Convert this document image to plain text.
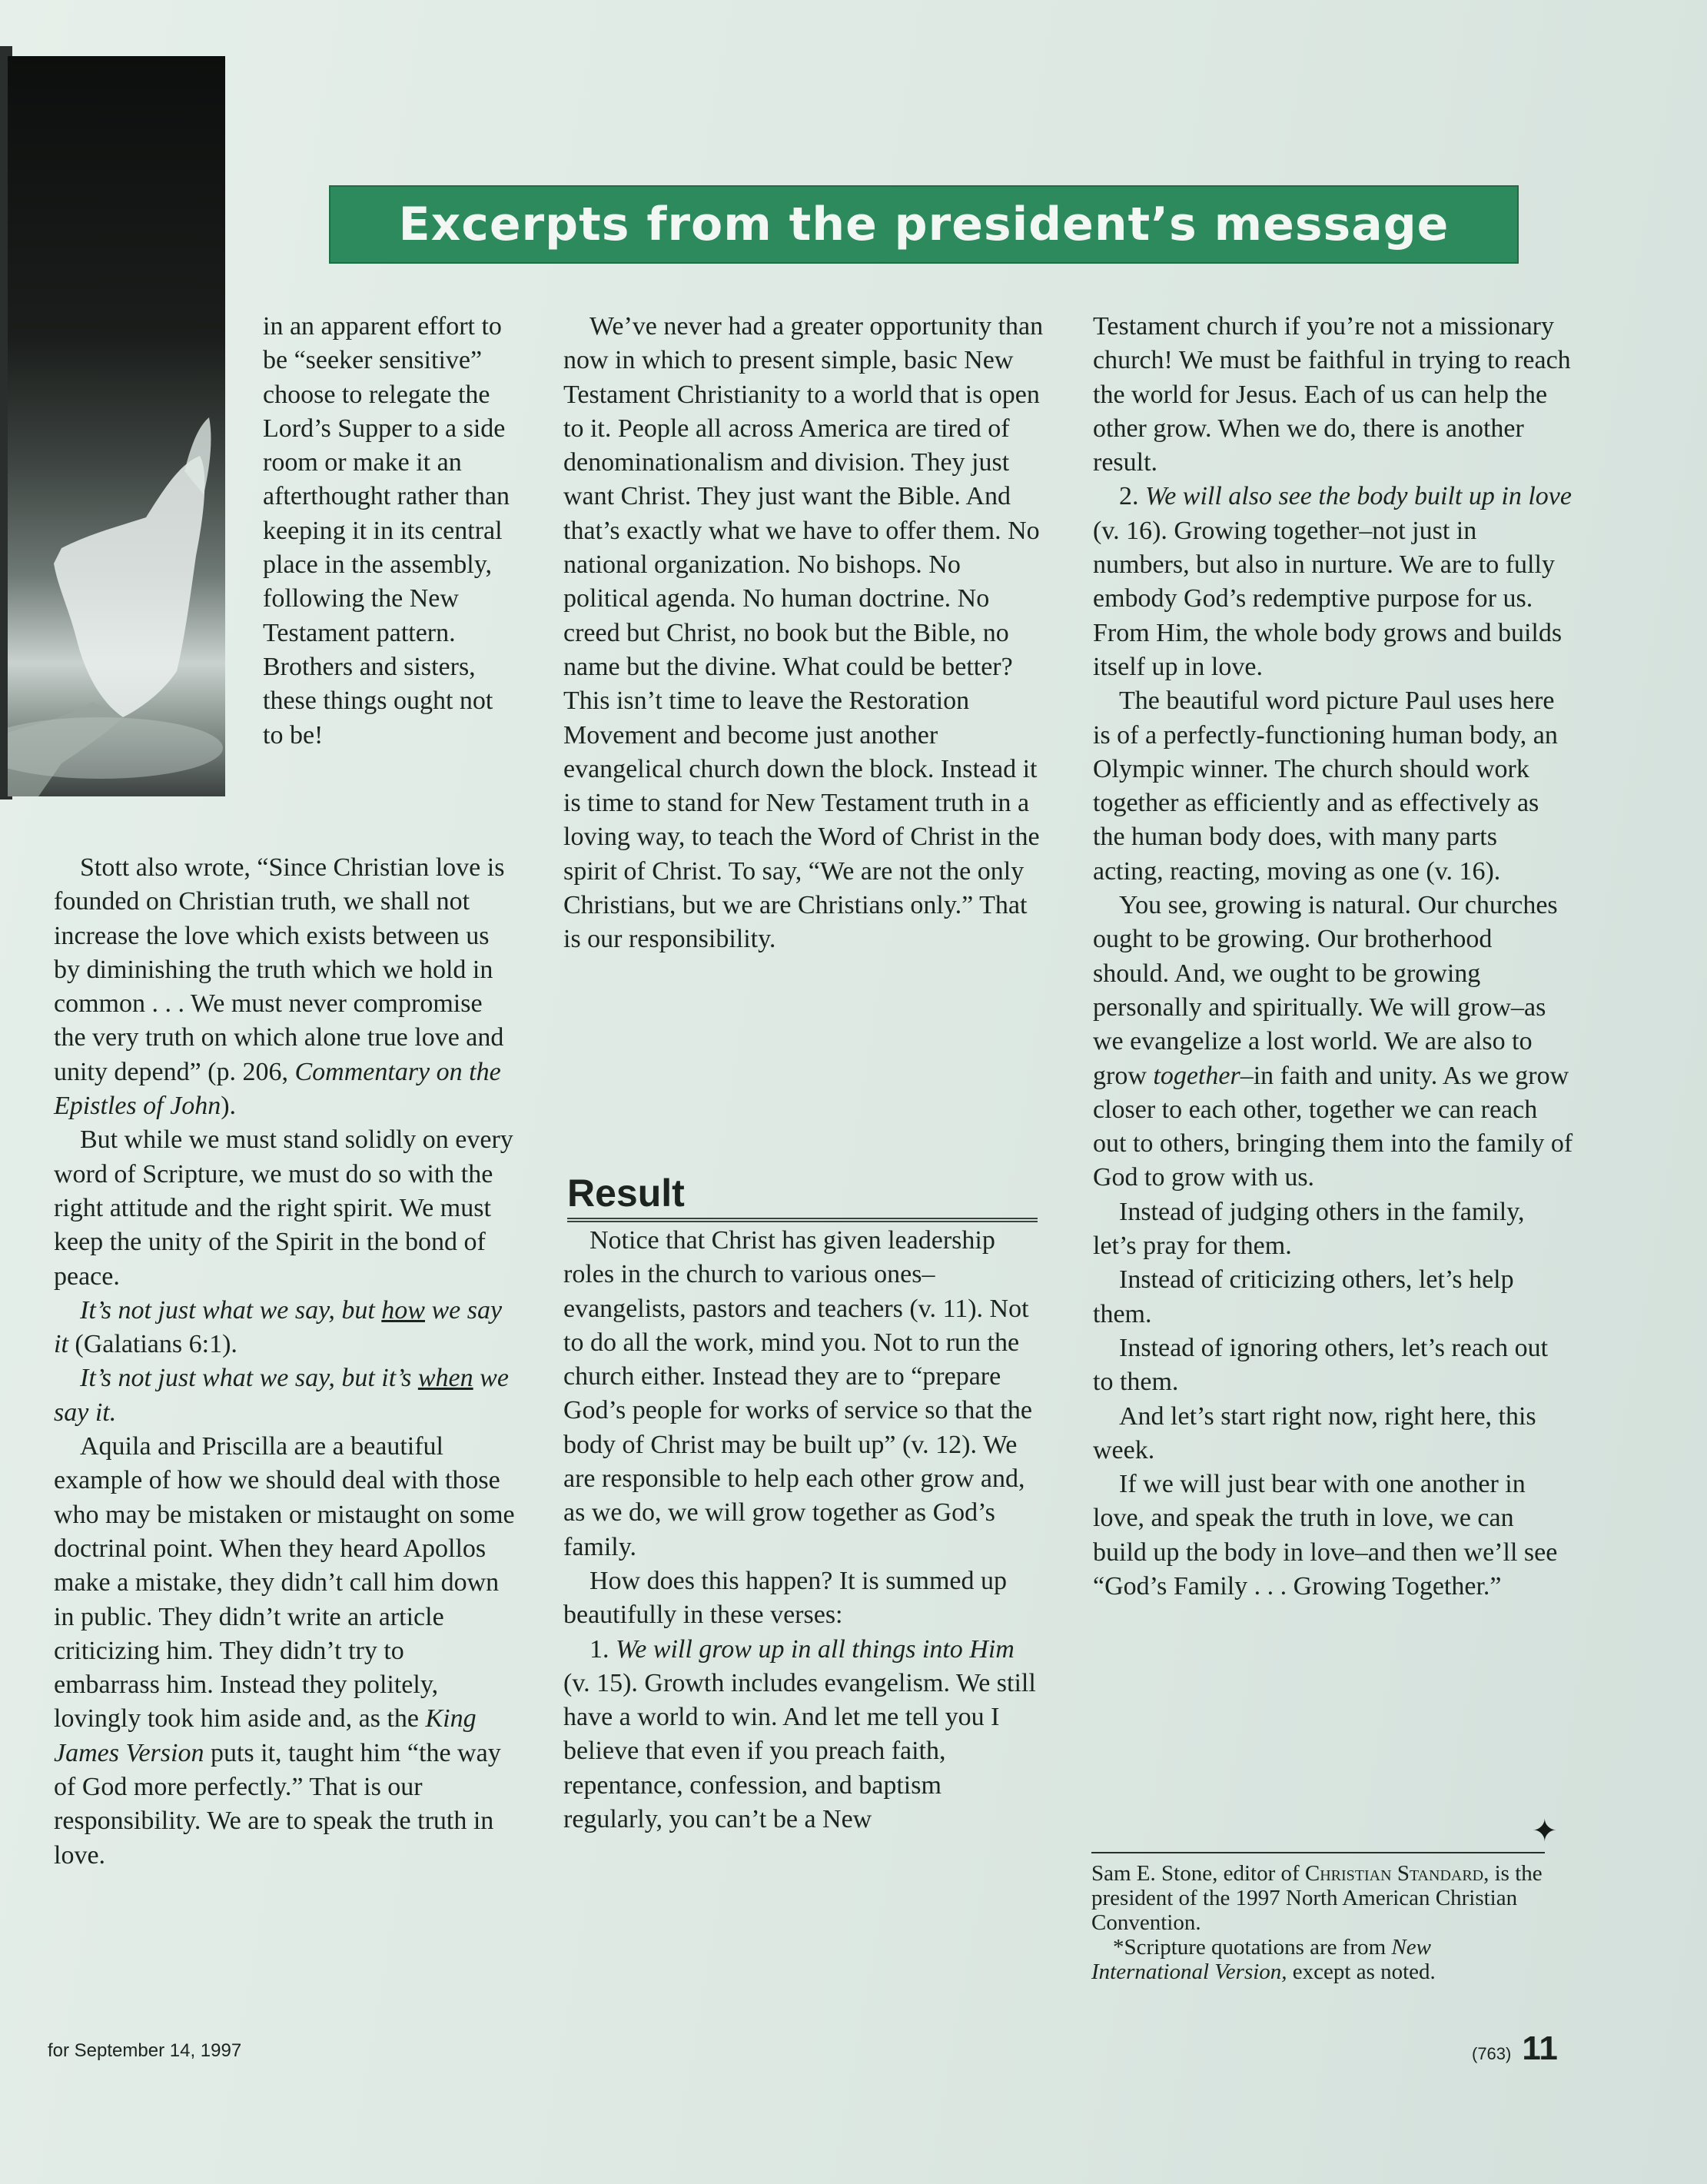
Excerpts from the president’s message

in an apparent effort to be “seeker sensitive” choose to relegate the Lord’s Supper to a side room or make it an afterthought rather than keeping it in its central place in the assembly, following the New Testament pattern. Brothers and sisters, these things ought not to be!

Stott also wrote, “Since Christian love is founded on Christian truth, we shall not increase the love which exists between us by diminishing the truth which we hold in common . . . We must never compromise the very truth on which alone true love and unity depend” (p. 206, Commentary on the Epistles of John).

But while we must stand solidly on every word of Scripture, we must do so with the right attitude and the right spirit. We must keep the unity of the Spirit in the bond of peace.

It’s not just what we say, but how we say it (Galatians 6:1).

It’s not just what we say, but it’s when we say it.

Aquila and Priscilla are a beautiful example of how we should deal with those who may be mistaken or mistaught on some doctrinal point. When they heard Apollos make a mistake, they didn’t call him down in public. They didn’t write an article criticizing him. They didn’t try to embarrass him. Instead they politely, lovingly took him aside and, as the King James Version puts it, taught him “the way of God more perfectly.” That is our responsibility. We are to speak the truth in love.

We’ve never had a greater opportunity than now in which to present simple, basic New Testament Christianity to a world that is open to it. People all across America are tired of denominationalism and division. They just want Christ. They just want the Bible. And that’s exactly what we have to offer them. No national organization. No bishops. No political agenda. No human doctrine. No creed but Christ, no book but the Bible, no name but the divine. What could be better? This isn’t time to leave the Restoration Movement and become just another evangelical church down the block. Instead it is time to stand for New Testament truth in a loving way, to teach the Word of Christ in the spirit of Christ. To say, “We are not the only Christians, but we are Christians only.” That is our responsibility.

Result

Notice that Christ has given leadership roles in the church to various ones–evangelists, pastors and teachers (v. 11). Not to do all the work, mind you. Not to run the church either. Instead they are to “prepare God’s people for works of service so that the body of Christ may be built up” (v. 12). We are responsible to help each other grow and, as we do, we will grow together as God’s family.

How does this happen? It is summed up beautifully in these verses:

1. We will grow up in all things into Him (v. 15). Growth includes evangelism. We still have a world to win. And let me tell you I believe that even if you preach faith, repentance, confession, and baptism regularly, you can’t be a New

Testament church if you’re not a missionary church! We must be faithful in trying to reach the world for Jesus. Each of us can help the other grow. When we do, there is another result.

2. We will also see the body built up in love (v. 16). Growing together–not just in numbers, but also in nurture. We are to fully embody God’s redemptive purpose for us. From Him, the whole body grows and builds itself up in love.

The beautiful word picture Paul uses here is of a perfectly-functioning human body, an Olympic winner. The church should work together as efficiently and as effectively as the human body does, with many parts acting, reacting, moving as one (v. 16).

You see, growing is natural. Our churches ought to be growing. Our brotherhood should. And, we ought to be growing personally and spiritually. We will grow–as we evangelize a lost world. We are also to grow together–in faith and unity. As we grow closer to each other, together we can reach out to others, bringing them into the family of God to grow with us.

Instead of judging others in the family, let’s pray for them.

Instead of criticizing others, let’s help them.

Instead of ignoring others, let’s reach out to them.

And let’s start right now, right here, this week.

If we will just bear with one another in love, and speak the truth in love, we can build up the body in love–and then we’ll see “God’s Family . . . Growing Together.”

✦

Sam E. Stone, editor of Christian Standard, is the president of the 1997 North American Christian Convention.

*Scripture quotations are from New International Version, except as noted.

for September 14, 1997	(763) 11
